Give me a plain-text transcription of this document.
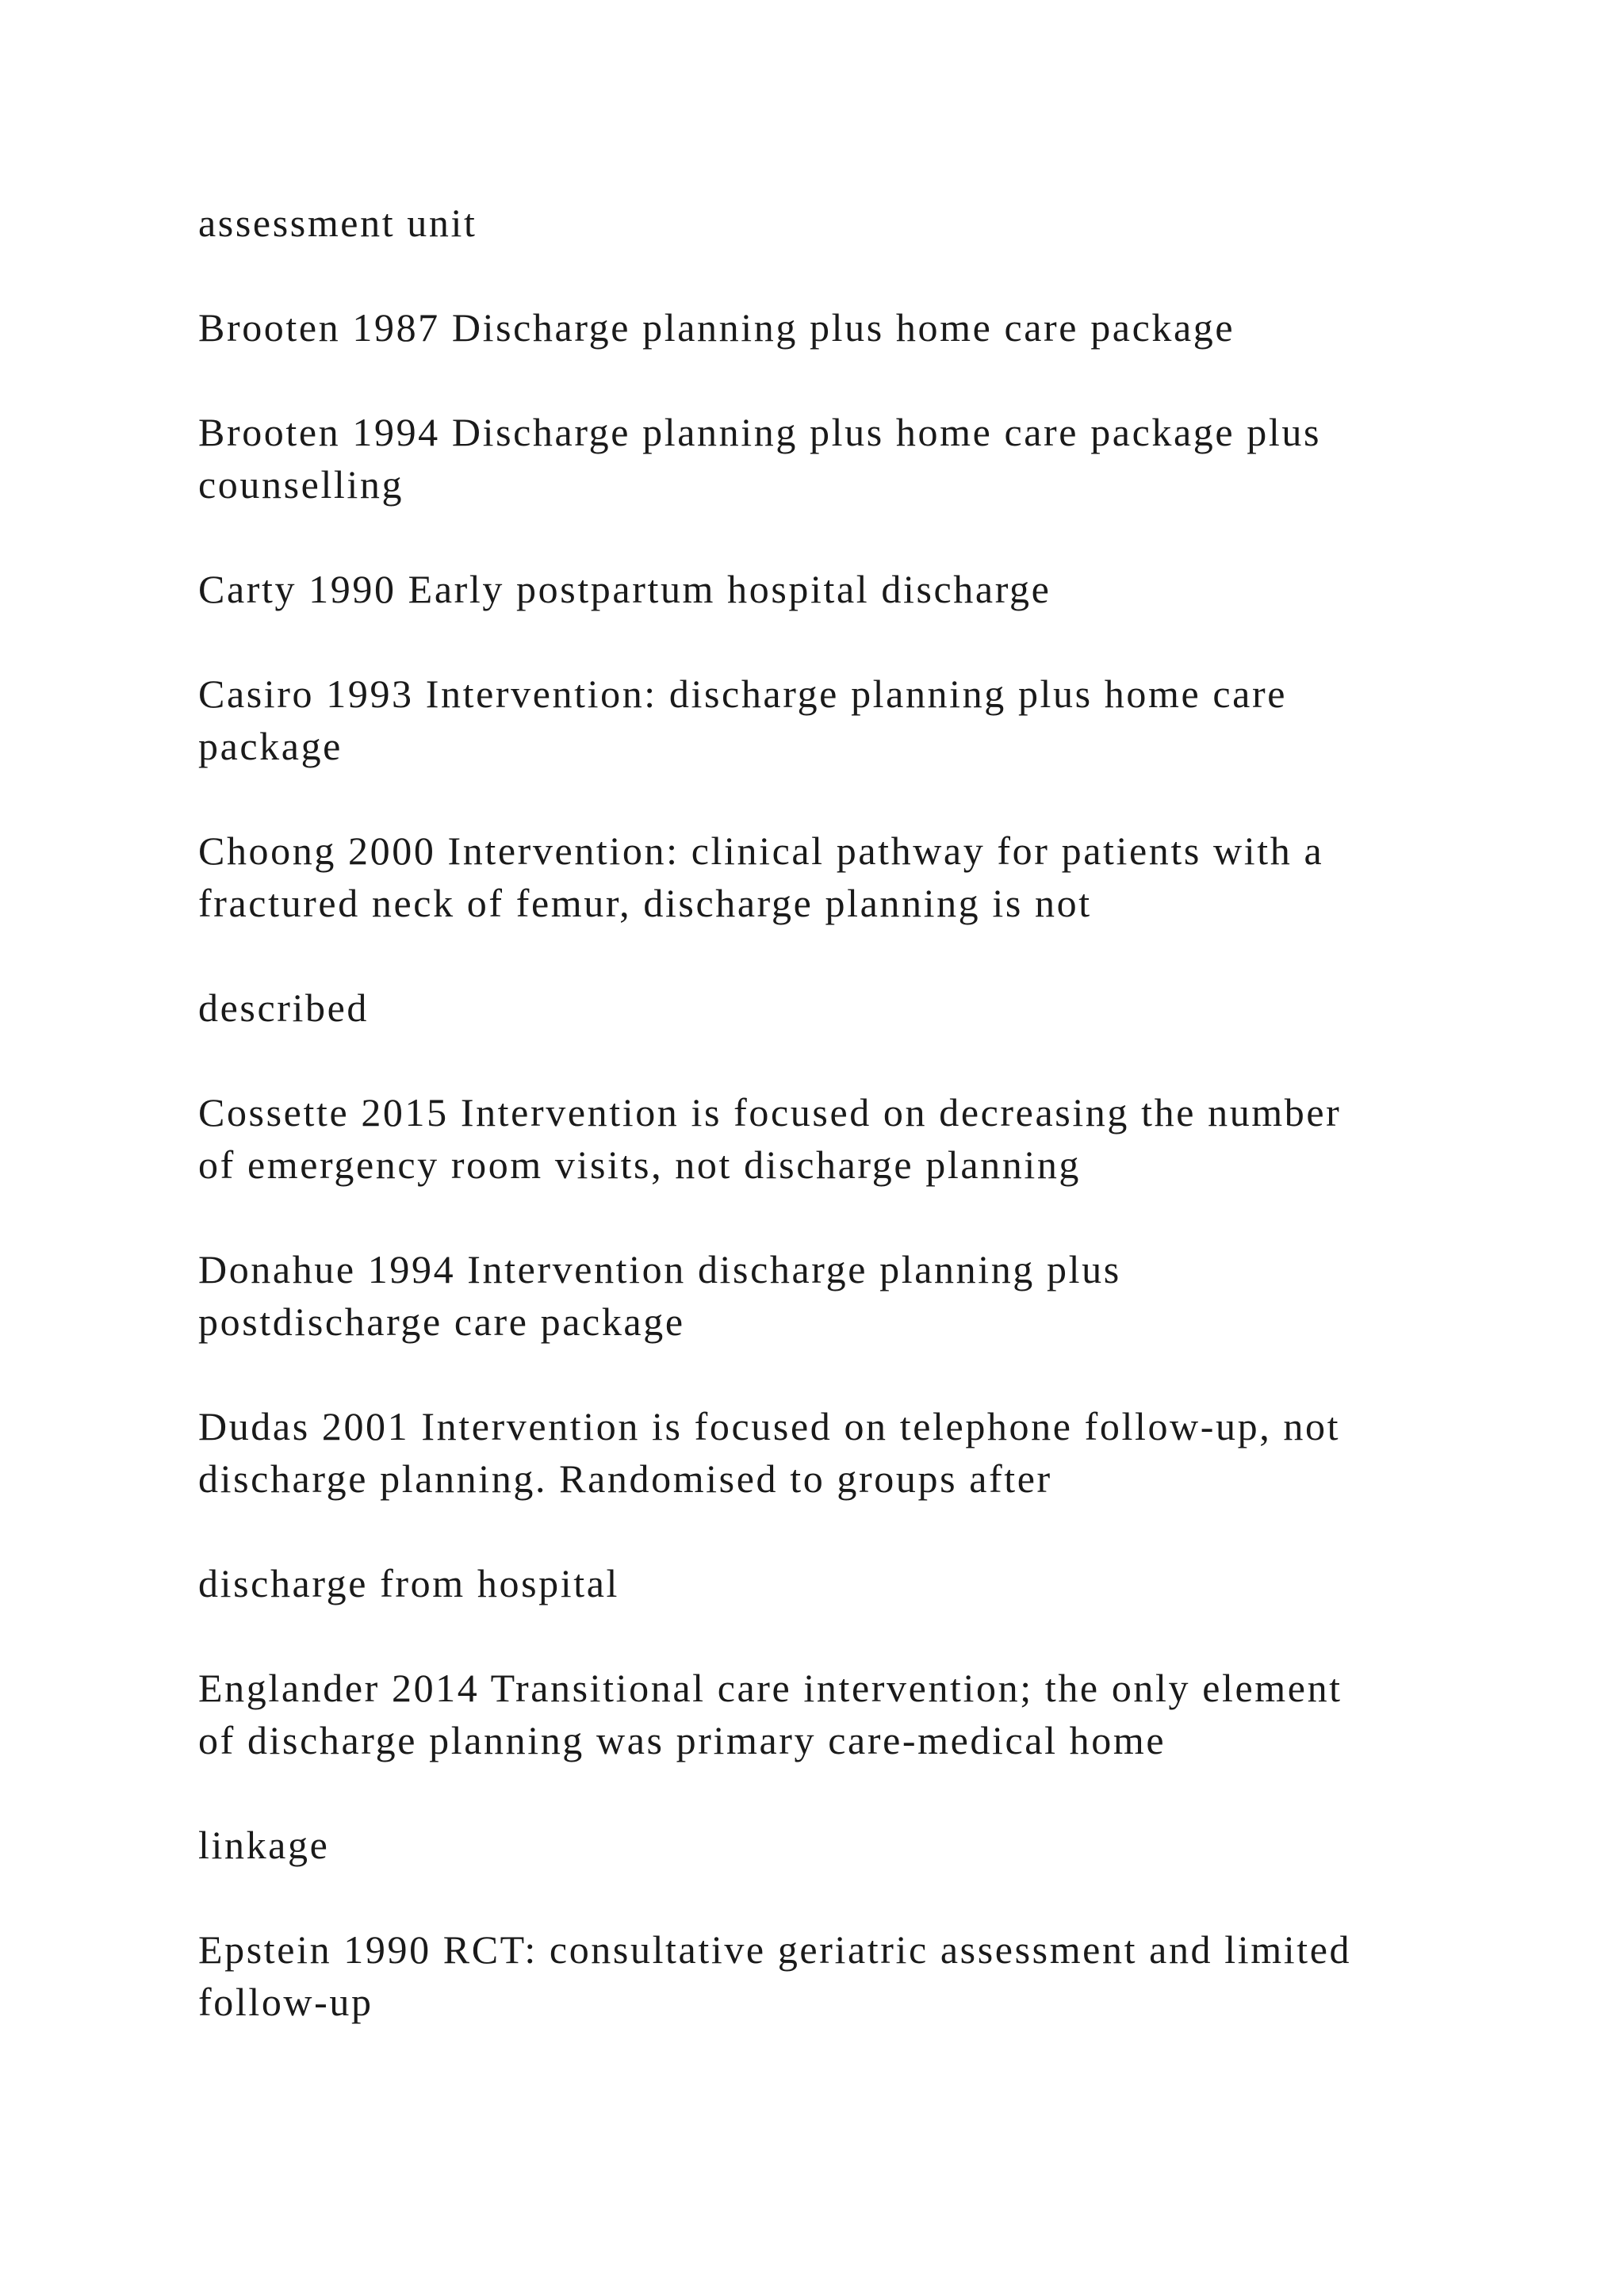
assessment unit

Brooten 1987 Discharge planning plus home care package

Brooten 1994 Discharge planning plus home care package plus
counselling

Carty 1990 Early postpartum hospital discharge

Casiro 1993 Intervention: discharge planning plus home care
package

Choong 2000 Intervention: clinical pathway for patients with a
fractured neck of femur, discharge planning is not

described

Cossette 2015 Intervention is focused on decreasing the number
of emergency room visits, not discharge planning

Donahue 1994 Intervention discharge planning plus
postdischarge care package

Dudas 2001 Intervention is focused on telephone follow-up, not
discharge planning. Randomised to groups after

discharge from hospital

Englander 2014 Transitional care intervention; the only element
of discharge planning was primary care-medical home

linkage

Epstein 1990 RCT: consultative geriatric assessment and limited
follow-up
